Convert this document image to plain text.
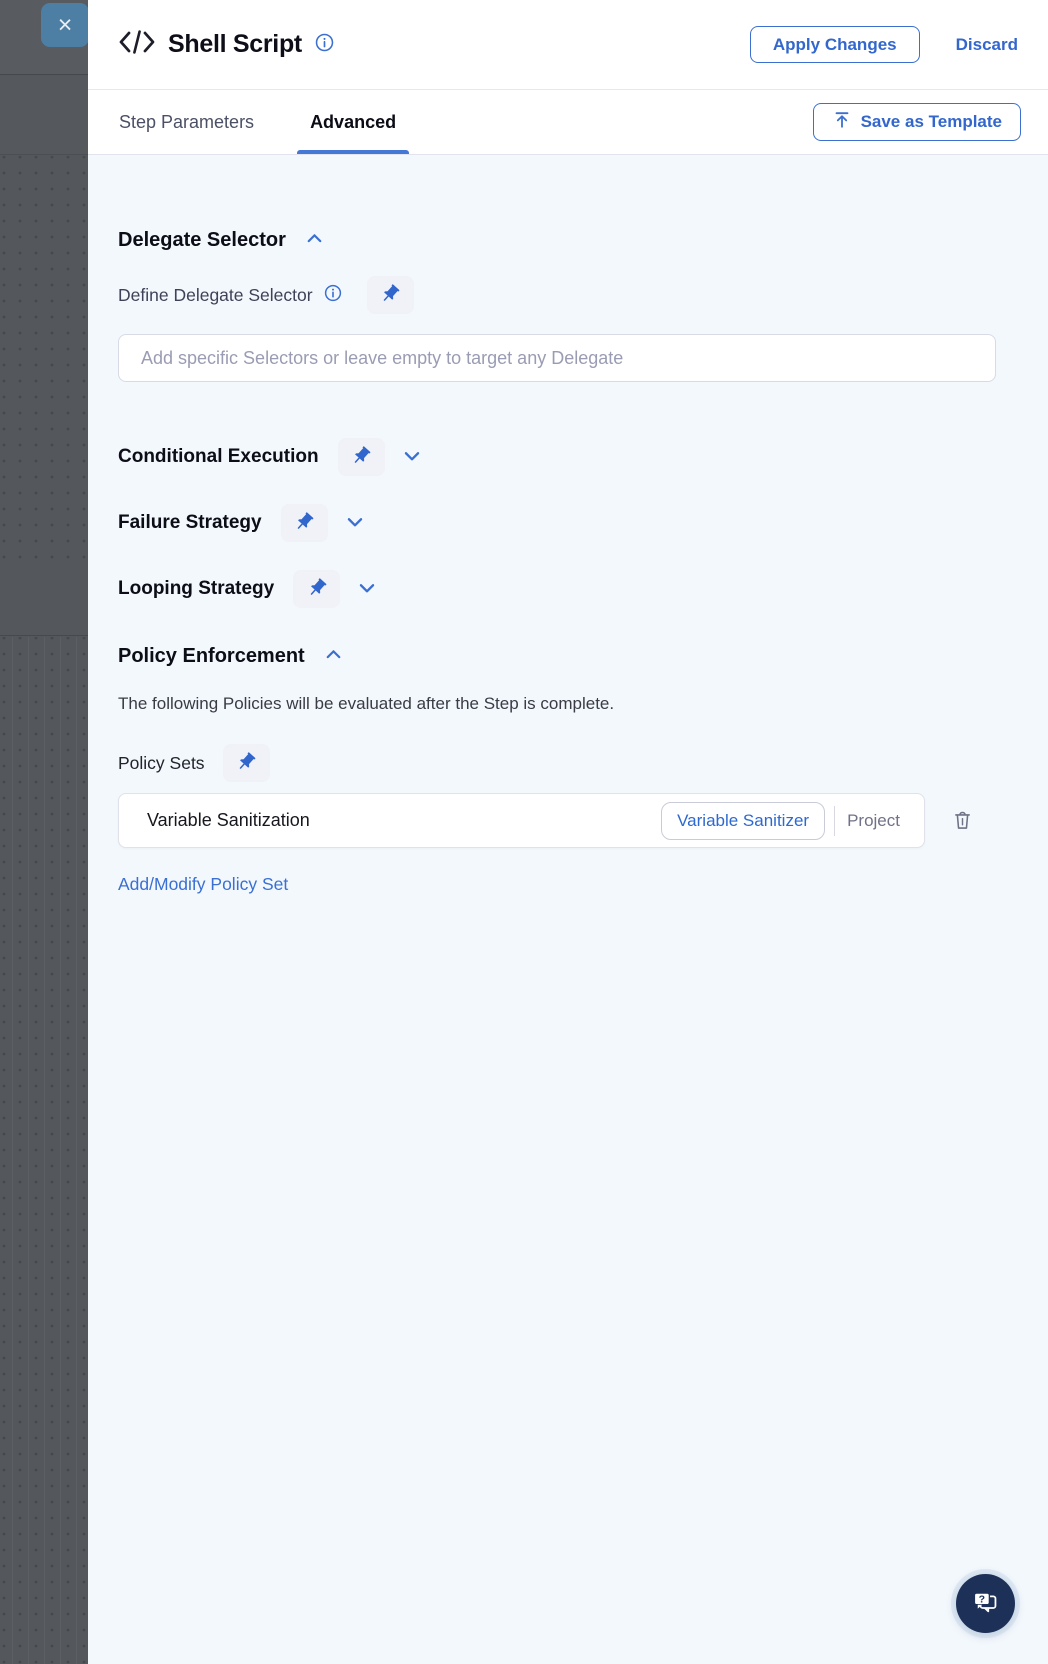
×
Shell Script	Apply Changes	Discard
Step Parameters	Advanced	Save as Template
Delegate Selector
Define Delegate Selector
Add specific Selectors or leave empty to target any Delegate
Conditional Execution
Failure Strategy
Looping Strategy
Policy Enforcement

The following Policies will be evaluated after the Step is complete.

Policy Sets
Variable Sanitization	Variable Sanitizer	Project
Add/Modify Policy Set
?
